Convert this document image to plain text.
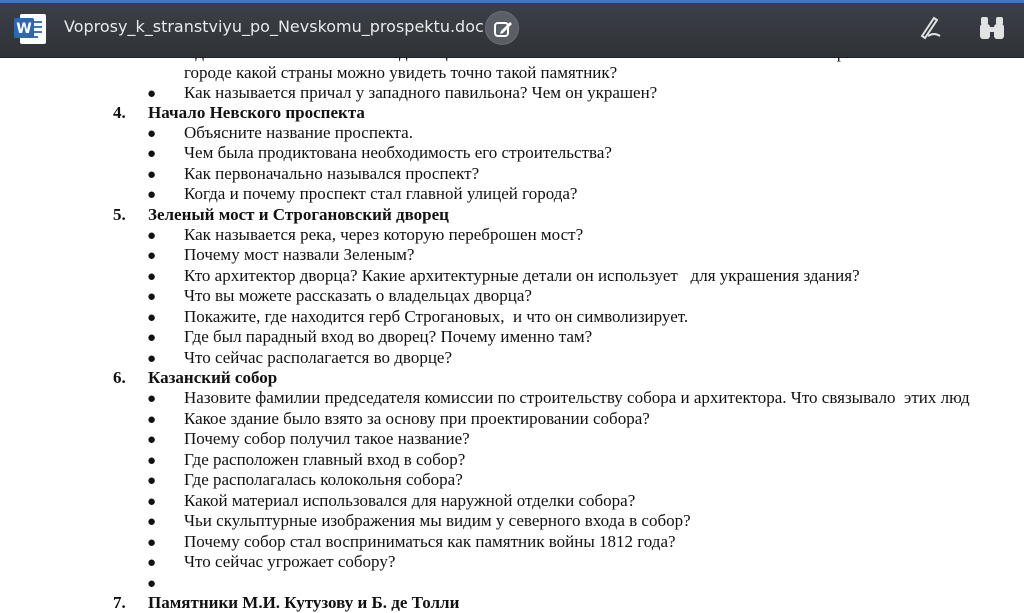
W Voprosy_k_stranstviyu_po_Nevskomu_prospektu.doc
городе какой страны можно увидеть точно такой памятник?
● Как называется причал у западного павильона? Чем он украшен?
4. Начало Невского проспекта
● Объясните название проспекта.
● Чем была продиктована необходимость его строительства?
● Как первоначально назывался проспект?
● Когда и почему проспект стал главной улицей города?
5. Зеленый мост и Строгановский дворец
● Как называется река, через которую переброшен мост?
● Почему мост назвали Зеленым?
● Кто архитектор дворца? Какие архитектурные детали он использует   для украшения здания?
● Что вы можете рассказать о владельцах дворца?
● Покажите, где находится герб Строгановых,  и что он символизирует.
● Где был парадный вход во дворец? Почему именно там?
● Что сейчас располагается во дворце?
6. Казанский собор
● Назовите фамилии председателя комиссии по строительству собора и архитектора. Что связывало  этих люд
● Какое здание было взято за основу при проектировании собора?
● Почему собор получил такое название?
● Где расположен главный вход в собор?
● Где располагалась колокольня собора?
● Какой материал использовался для наружной отделки собора?
● Чьи скульптурные изображения мы видим у северного входа в собор?
● Почему собор стал восприниматься как памятник войны 1812 года?
● Что сейчас угрожает собору?
●
7. Памятники М.И. Кутузову и Б. де Толли
